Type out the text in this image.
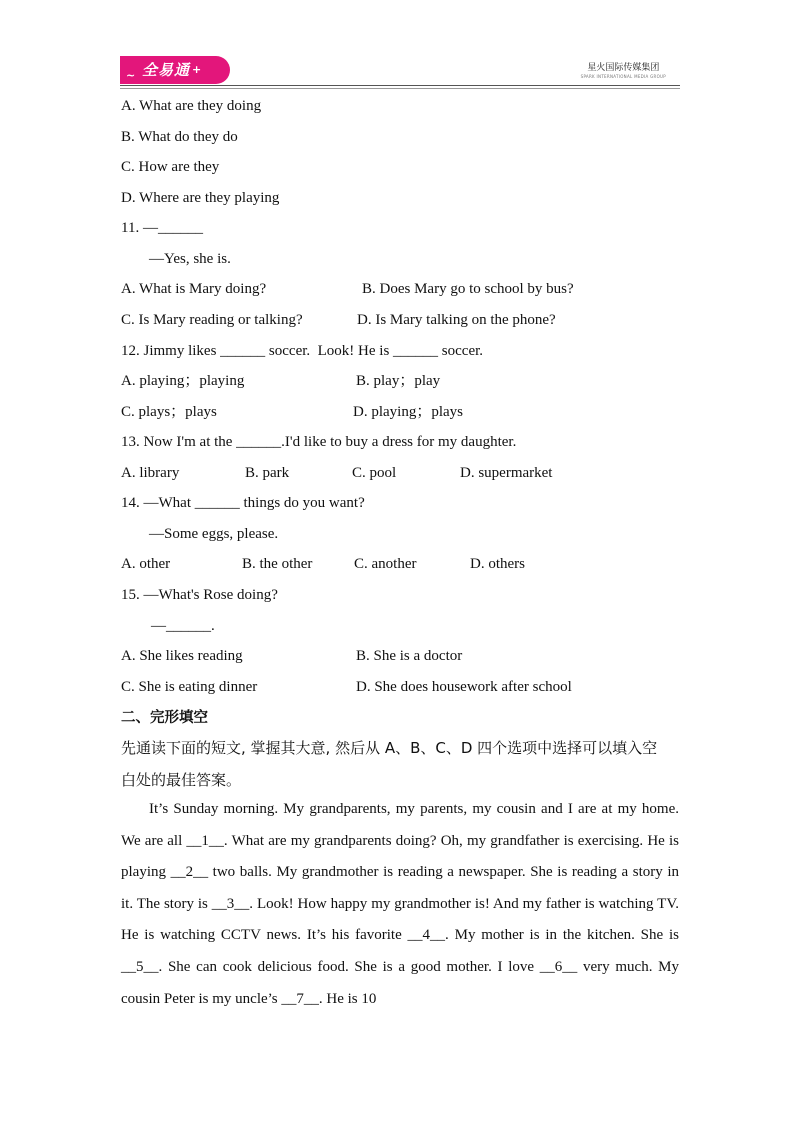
~ 全易通 +	星火国际传媒集团
SPARK INTERNATIONAL MEDIA GROUP
A. What are they doing
B. What do they do
C. How are they
D. Where are they playing
11. —______
—Yes, she is.
A. What is Mary doing?	B. Does Mary go to school by bus?
C. Is Mary reading or talking?	D. Is Mary talking on the phone?
12. Jimmy likes ______ soccer.  Look! He is ______ soccer.
A. playing；playing	B. play；play
C. plays；plays	D. playing；plays
13. Now I'm at the ______.I'd like to buy a dress for my daughter.
A. library	B. park	C. pool	D. supermarket
14. —What ______ things do you want?
—Some eggs, please.
A. other	B. the other	C. another	D. others
15. —What's Rose doing?
—______.
A. She likes reading	B. She is a doctor
C. She is eating dinner	D. She does housework after school
二、完形填空
先通读下面的短文, 掌握其大意, 然后从 A、B、C、D 四个选项中选择可以填入空
白处的最佳答案。

It’s Sunday morning. My grandparents, my parents, my cousin and I are at my home. We are all __1__. What are my grandparents doing? Oh, my grandfather is exercising. He is playing __2__ two balls. My grandmother is reading a newspaper. She is reading a story in it. The story is __3__. Look! How happy my grandmother is! And my father is watching TV. He is watching CCTV news. It’s his favorite __4__. My mother is in the kitchen. She is __5__. She can cook delicious food. She is a good mother. I love __6__ very much. My cousin Peter is my uncle’s __7__. He is 10
